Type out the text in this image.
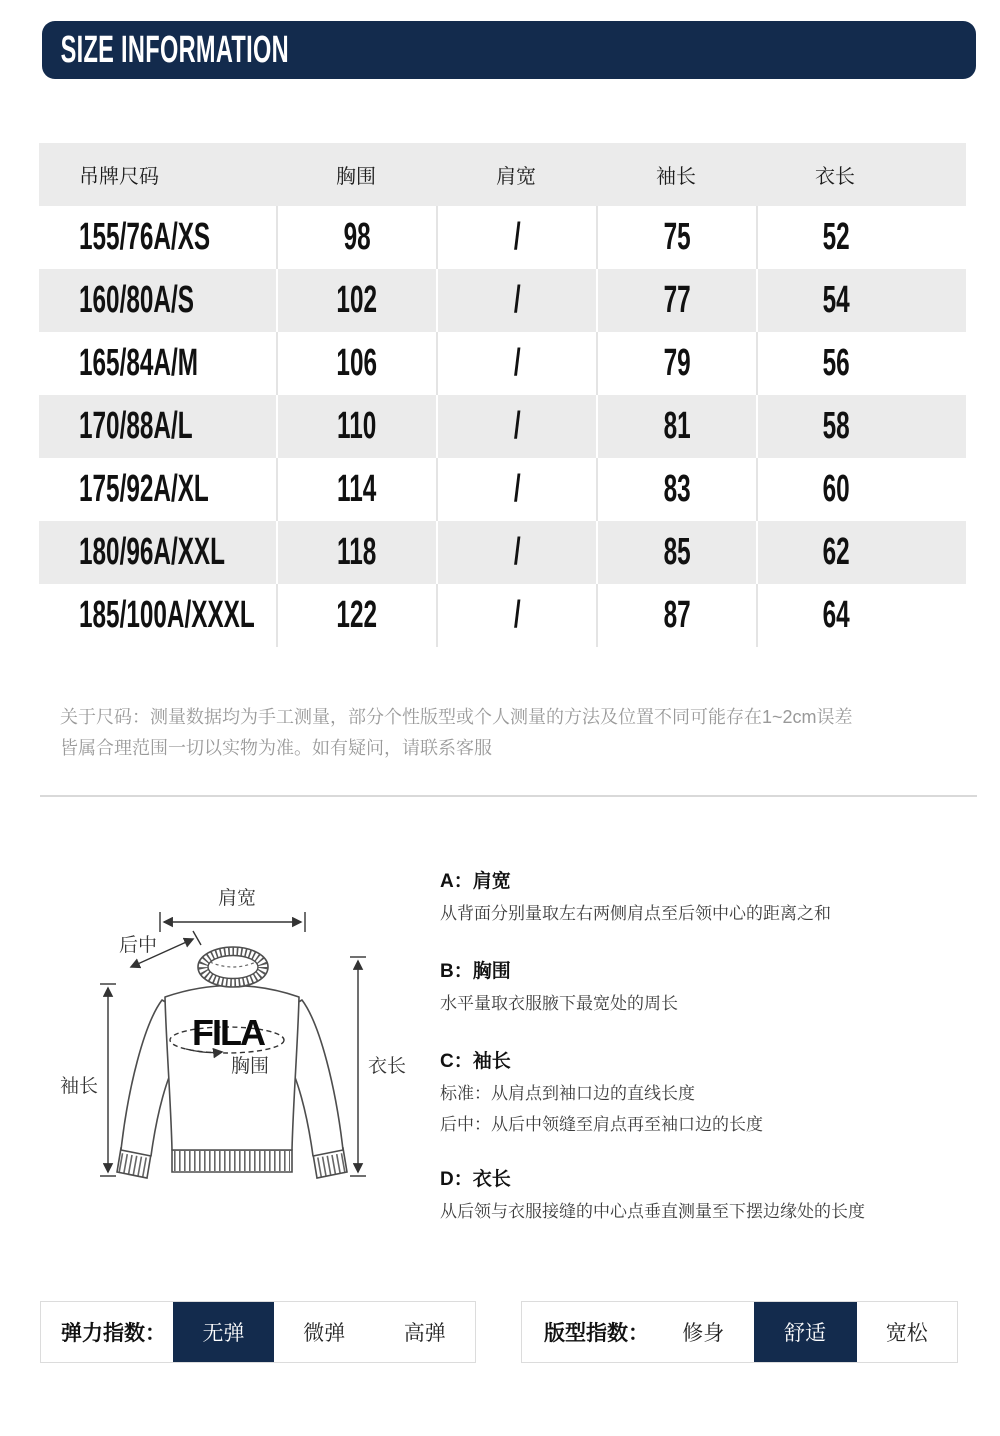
SIZE INFORMATION
吊牌尺码	胸围	肩宽	袖长	衣长
155/76A/XS	98	/	75	52
160/80A/S	102	/	77	54
165/84A/M	106	/	79	56
170/88A/L	110	/	81	58
175/92A/XL	114	/	83	60
180/96A/XXL	118	/	85	62
185/100A/XXXL 122	/	87	64
关于尺码：测量数据均为手工测量，部分个性版型或个人测量的方法及位置不同可能存在1~2cm误差
皆属合理范围一切以实物为准。如有疑问，请联系客服
FILA
胸围
肩宽
后中
袖长
衣长
A：肩宽
从背面分别量取左右两侧肩点至后领中心的距离之和
B：胸围
水平量取衣服腋下最宽处的周长
C：袖长
标准：从肩点到袖口边的直线长度
后中：从后中领缝至肩点再至袖口边的长度
D：衣长
从后领与衣服接缝的中心点垂直测量至下摆边缘处的长度
弹力指数：	无弹	微弹	高弹	版型指数：	修身	舒适	宽松
